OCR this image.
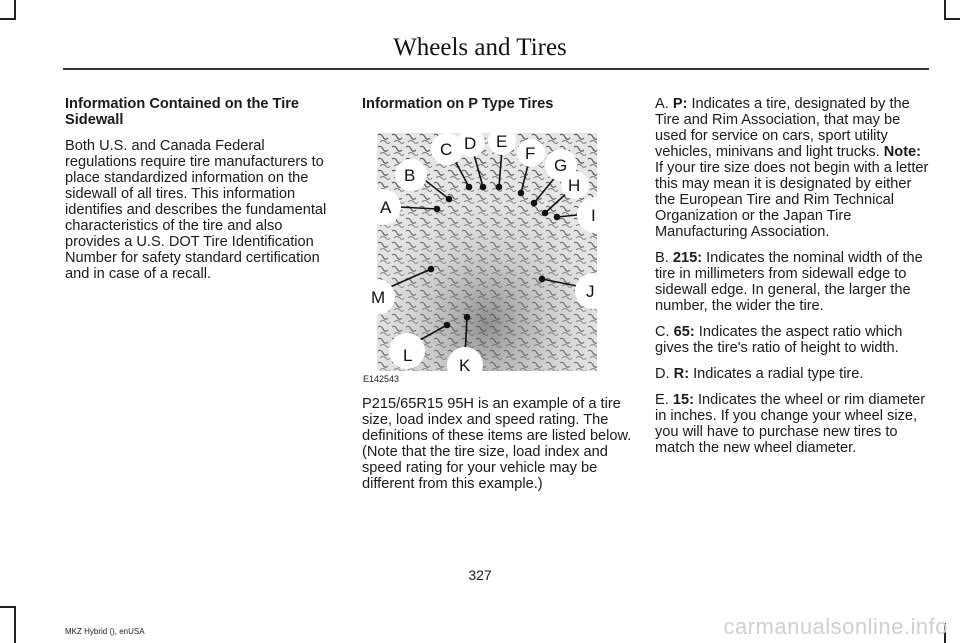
Wheels and Tires

Information Contained on the Tire Sidewall

Both U.S. and Canada Federal regulations require tire manufacturers to place standardized information on the sidewall of all tires. This information identifies and describes the fundamental characteristics of the tire and also provides a U.S. DOT Tire Identification Number for safety standard certification and in case of a recall.

Information on P Type Tires

A
B
C D E
F
G
H
I
J
K
L
M
E142543
P215/65R15 95H is an example of a tire size, load index and speed rating. The definitions of these items are listed below. (Note that the tire size, load index and speed rating for your vehicle may be different from this example.)

A. P: Indicates a tire, designated by the Tire and Rim Association, that may be used for service on cars, sport utility vehicles, minivans and light trucks. Note: If your tire size does not begin with a letter this may mean it is designated by either the European Tire and Rim Technical Organization or the Japan Tire Manufacturing Association.

B. 215: Indicates the nominal width of the tire in millimeters from sidewall edge to sidewall edge. In general, the larger the number, the wider the tire.

C. 65: Indicates the aspect ratio which gives the tire's ratio of height to width.

D. R: Indicates a radial type tire.

E. 15: Indicates the wheel or rim diameter in inches. If you change your wheel size, you will have to purchase new tires to match the new wheel diameter.

327
MKZ Hybrid (), enUSA	carmanualsonline.info
